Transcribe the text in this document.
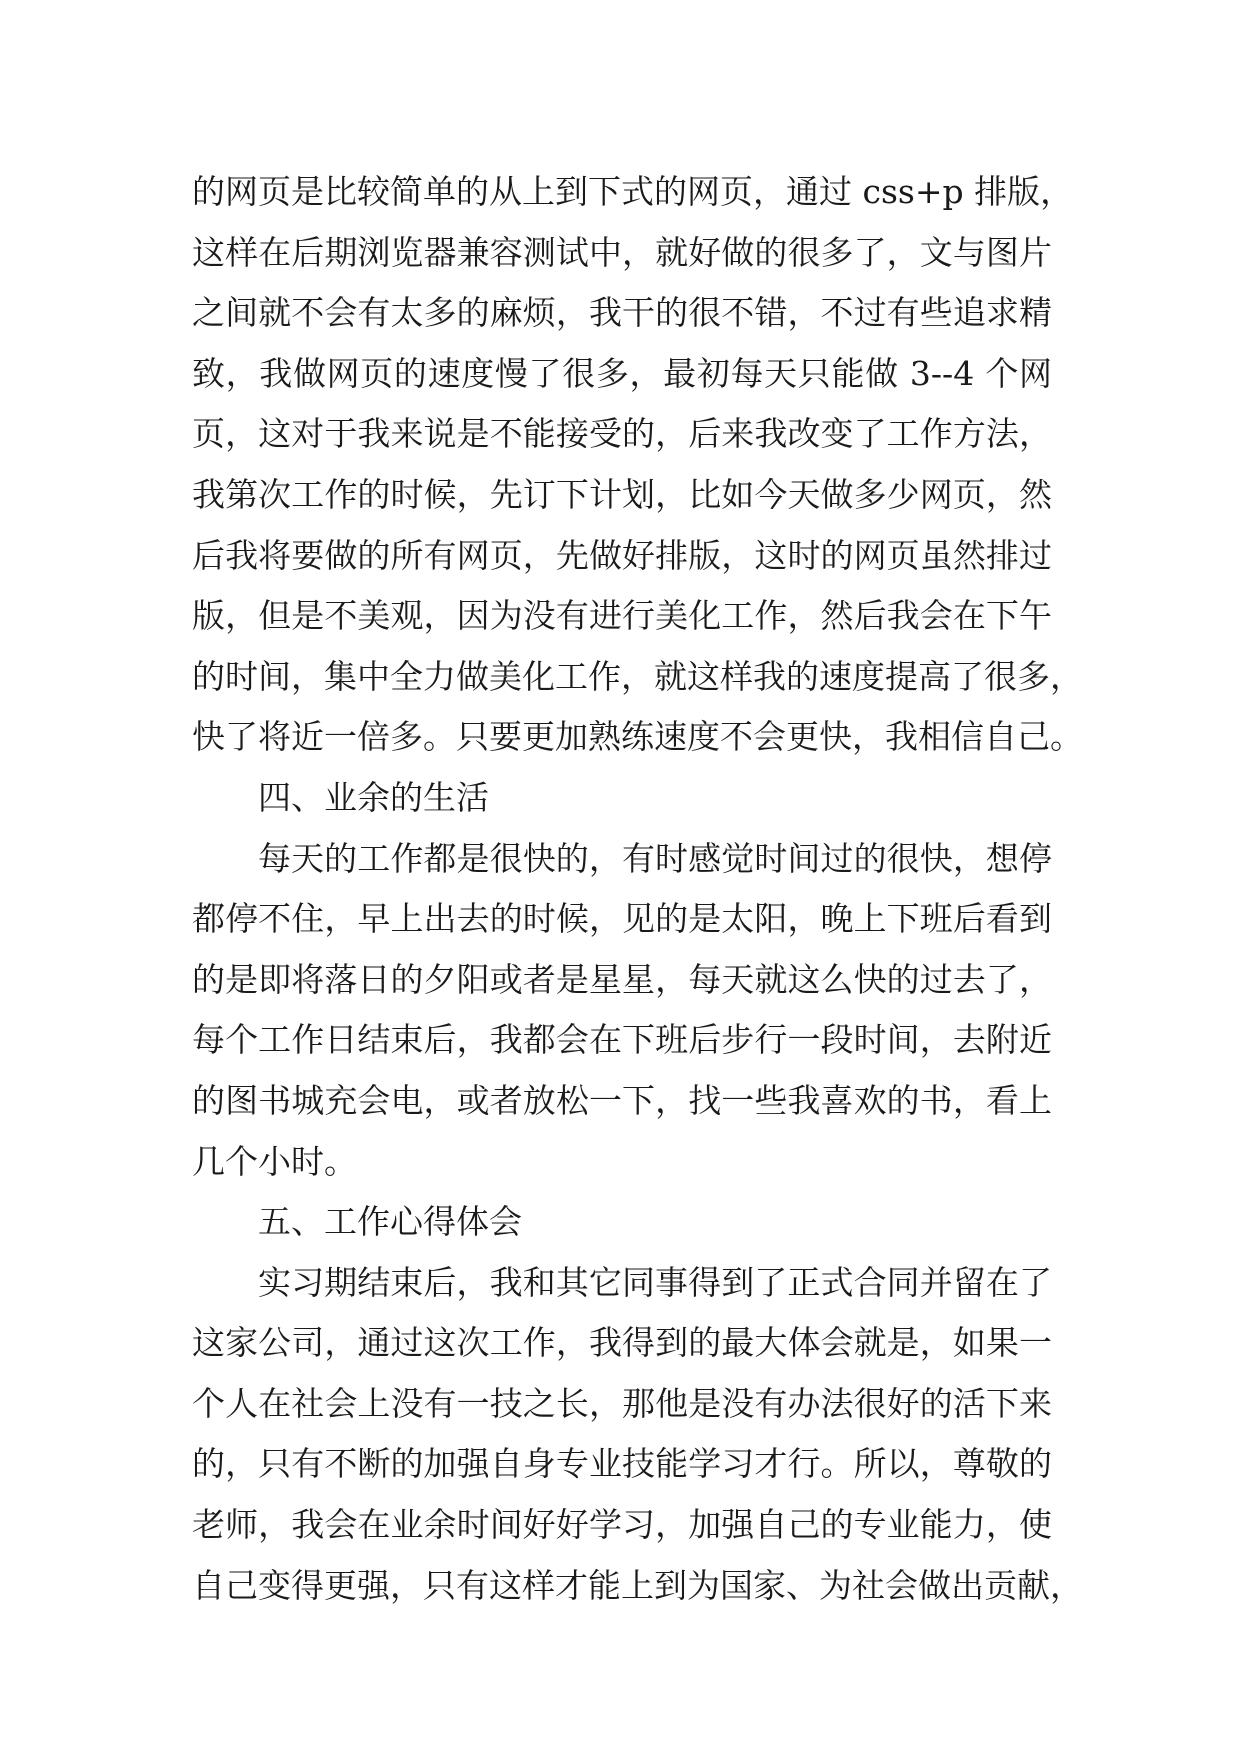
的网页是比较简单的从上到下式的网页，通过 css+p 排版，
这样在后期浏览器兼容测试中，就好做的很多了，文与图片
之间就不会有太多的麻烦，我干的很不错，不过有些追求精
致，我做网页的速度慢了很多，最初每天只能做 3--4 个网
页，这对于我来说是不能接受的，后来我改变了工作方法，
我第次工作的时候，先订下计划，比如今天做多少网页，然
后我将要做的所有网页，先做好排版，这时的网页虽然排过
版，但是不美观，因为没有进行美化工作，然后我会在下午
的时间，集中全力做美化工作，就这样我的速度提高了很多，
快了将近一倍多。只要更加熟练速度不会更快，我相信自己。
四、业余的生活
每天的工作都是很快的，有时感觉时间过的很快，想停
都停不住，早上出去的时候，见的是太阳，晚上下班后看到
的是即将落日的夕阳或者是星星，每天就这么快的过去了，
每个工作日结束后，我都会在下班后步行一段时间，去附近
的图书城充会电，或者放松一下，找一些我喜欢的书，看上
几个小时。
五、工作心得体会
实习期结束后，我和其它同事得到了正式合同并留在了
这家公司，通过这次工作，我得到的最大体会就是，如果一
个人在社会上没有一技之长，那他是没有办法很好的活下来
的，只有不断的加强自身专业技能学习才行。所以，尊敬的
老师，我会在业余时间好好学习，加强自己的专业能力，使
自己变得更强，只有这样才能上到为国家、为社会做出贡献，
